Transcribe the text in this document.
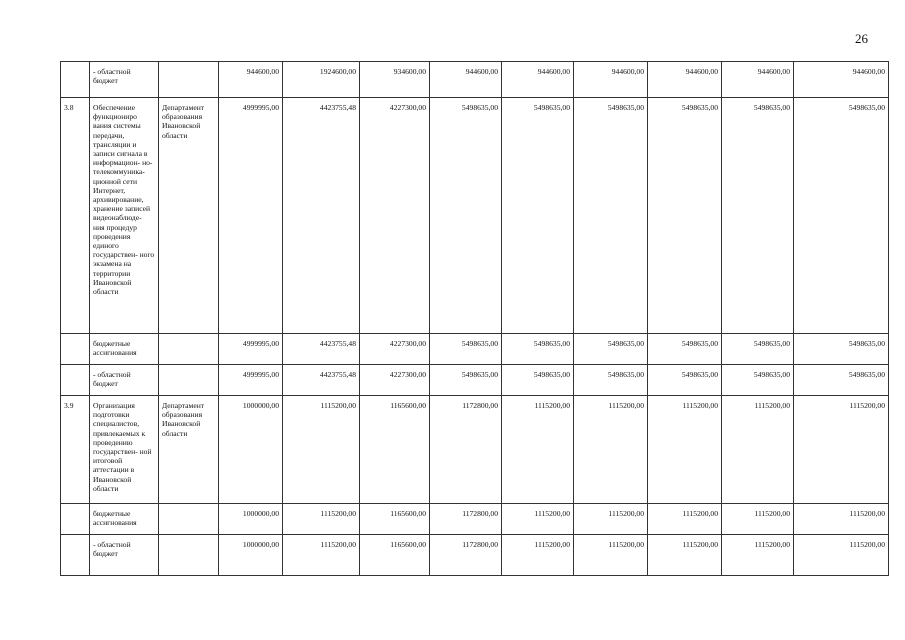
26
	- областной бюджет		944600,00	1924600,00	934600,00	944600,00	944600,00	944600,00	944600,00	944600,00	944600,00
3.8	Обеспечение функциониро вания системы передачи, трансляции и записи сигнала в информацион- но- телекоммуника- ционной сети Интернет, архивирование, хранение записей видеонаблюде- ния процедур проведения единого государствен- ного экзамена на территории Ивановской области	Департамент образования Ивановской области	4999995,00	4423755,48	4227300,00	5498635,00	5498635,00	5498635,00	5498635,00	5498635,00	5498635,00
	бюджетные ассигнования		4999995,00	4423755,48	4227300,00	5498635,00	5498635,00	5498635,00	5498635,00	5498635,00	5498635,00
	- областной бюджет		4999995,00	4423755,48	4227300,00	5498635,00	5498635,00	5498635,00	5498635,00	5498635,00	5498635,00
3.9	Организация подготовки специалистов, привлекаемых к проведению государствен- ной итоговой аттестации в Ивановской области	Департамент образования Ивановской области	1000000,00	1115200,00	1165600,00	1172800,00	1115200,00	1115200,00	1115200,00	1115200,00	1115200,00
	бюджетные ассигнования		1000000,00	1115200,00	1165600,00	1172800,00	1115200,00	1115200,00	1115200,00	1115200,00	1115200,00
	- областной бюджет		1000000,00	1115200,00	1165600,00	1172800,00	1115200,00	1115200,00	1115200,00	1115200,00	1115200,00
